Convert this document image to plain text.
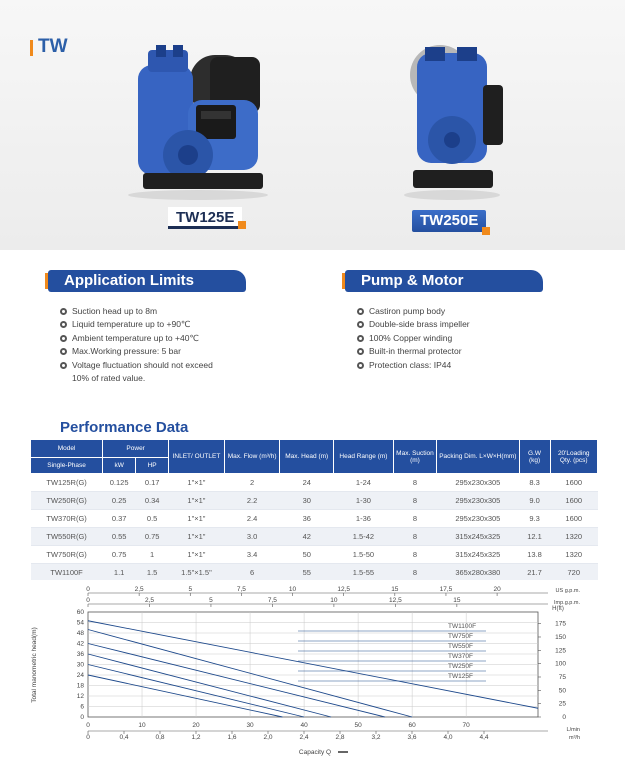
TW
TW125E	TW250E
Application Limits
Suction head up to 8m
Liquid temperature up to +90℃
Ambient temperature up to +40℃
Max.Working pressure: 5 bar
Voltage fluctuation should not exceed
10% of rated value.
Pump & Motor
Castiron pump body
Double-side brass impeller
100% Copper winding
Built-in thermal protector
Protection class: IP44
Performance Data
Model	Power		INLET/ OUTLET	Max. Flow (m³/h)	Max. Head (m)	Head Range (m)	Max. Suction (m)	Packing Dim. L×W×H(mm)	G.W (kg)	20'Loading Qty. (pcs)
Single-Phase	kW	HP								
TW125R(G)	0.125	0.17	1"×1"	2	24	1-24	8	295x230x305	8.3	1600
TW250R(G)	0.25	0.34	1"×1"	2.2	30	1-30	8	295x230x305	9.0	1600
TW370R(G)	0.37	0.5	1"×1"	2.4	36	1-36	8	295x230x305	9.3	1600
TW550R(G)	0.55	0.75	1"×1"	3.0	42	1.5-42	8	315x245x325	12.1	1320
TW750R(G)	0.75	1	1"×1"	3.4	50	1.5-50	8	315x245x325	13.8	1320
TW1100F	1.1	1.5	1.5"×1.5"	6	55	1.5-55	8	365x280x380	21.7	720
0
6
12
18
24
30
36
42
48
54
60
0	2,5	5	7,5	10	12,5	15	17,5	20	US g.p.m.
0	2,5	5	7,5	10	12,5	15	Imp.g.p.m.
H(ft)
0
25
50
75
100
125
150
175
0	10	20	30	40	50	60	70
L/min
0	0,4	0,8	1,2	1,6	2,0	2,4	2,8	3,2	3,6	4,0	4,4	m³/h
Capacity Q
Total manometric head(m)
TW1100F
TW750F
TW550F
TW370F
TW250F
TW125F
